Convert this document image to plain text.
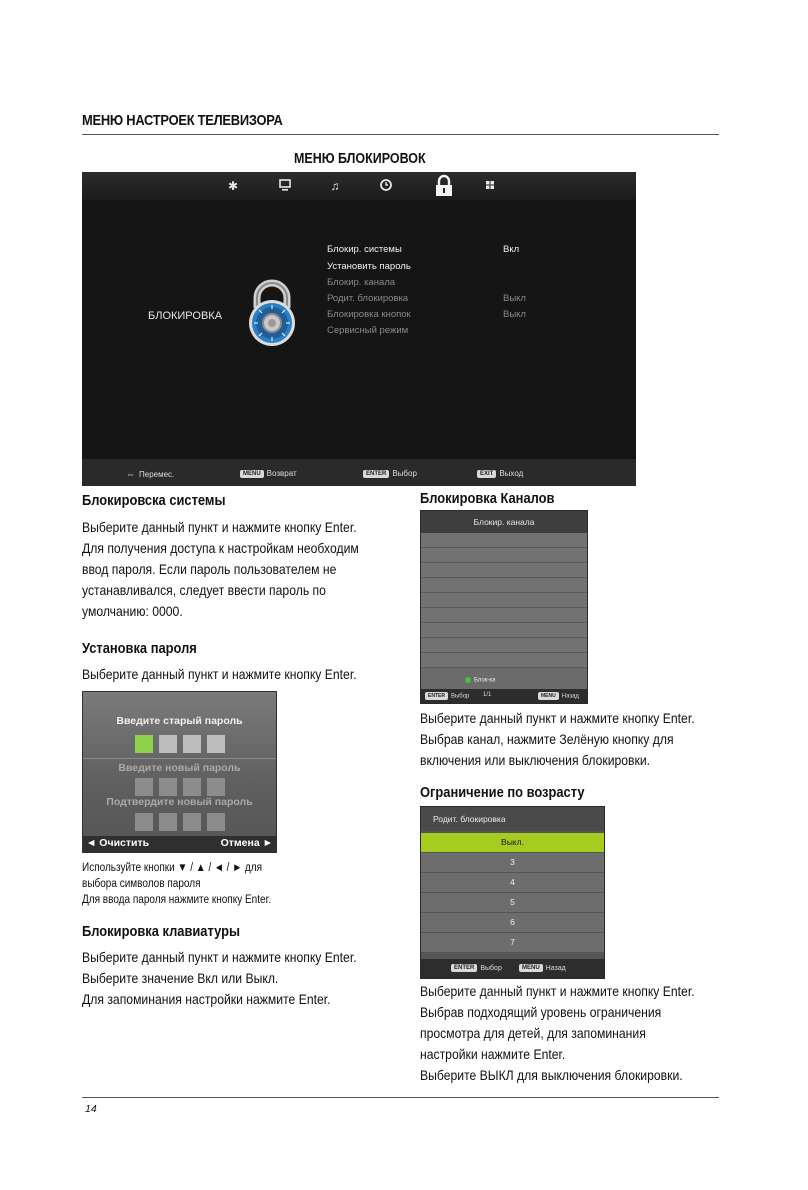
МЕНЮ НАСТРОЕК ТЕЛЕВИЗОРА
МЕНЮ БЛОКИРОВОК
✱	♫
БЛОКИРОВКА
Блокир. системы	Вкл
Установить пароль
Блокир. канала
Родит. блокировка	Выкл
Блокировка кнопок	Выкл
Сервисный режим
⇔ Перемес.	MENU Возврат	ENTER Выбор	EXIT Выход
Блокировска системы
Выберите данный пункт и нажмите кнопку Enter.
Для получения доступа к настройкам необходим
ввод пароля. Если пароль пользователем не
устанавливался, следует ввести пароль по
умолчанию: 0000.
Установка пароля
Выберите данный пункт и нажмите кнопку Enter.
Введите старый пароль
Введите новый пароль
Подтвердите новый пароль
◄ Очистить	Отмена ►
Используйте кнопки ▼ / ▲ / ◄ / ► для
выбора символов пароля
Для ввода пароля нажмите кнопку Enter.
Блокировка клавиатуры
Выберите данный пункт и нажмите кнопку Enter.
Выберите значение Вкл или Выкл.
Для запоминания настройки нажмите Enter.
Блокировка Каналов
Блокир. канала
Блок-ка
ENTER Выбор 1/1	MENU Назад
Выберите данный пункт и нажмите кнопку Enter.
Выбрав канал, нажмите Зелёную кнопку для
включения или выключения блокировки.
Ограничение по возрасту
Родит. блокировка
Выкл.
3
4
5
6
7
ENTER Выбор	MENU Назад
Выберите данный пункт и нажмите кнопку Enter.
Выбрав подходящий уровень ограничения
просмотра для детей, для запоминания
настройки нажмите Enter.
Выберите ВЫКЛ для выключения блокировки.
14
